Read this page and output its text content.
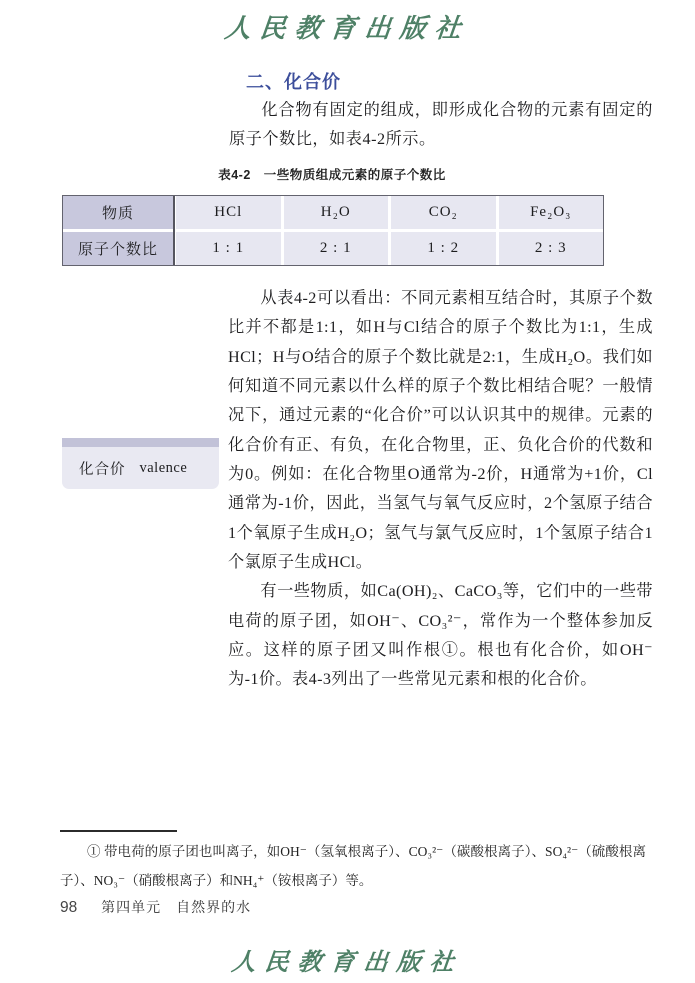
人民教育出版社
二、化合价

化合物有固定的组成，即形成化合物的元素有固定的原子个数比，如表4-2所示。

表4-2　一些物质组成元素的原子个数比
物质	HCl	H₂O	CO₂	Fe₂O₃
原子个数比	1 : 1	2 : 1	1 : 2	2 : 3
化合价 valence

从表4-2可以看出：不同元素相互结合时，其原子个数比并不都是1:1，如H与Cl结合的原子个数比为1:1，生成HCl；H与O结合的原子个数比就是2:1，生成H₂O。我们如何知道不同元素以什么样的原子个数比相结合呢？一般情况下，通过元素的“化合价”可以认识其中的规律。元素的化合价有正、有负，在化合物里，正、负化合价的代数和为0。例如：在化合物里O通常为-2价，H通常为+1价，Cl通常为-1价，因此，当氢气与氧气反应时，2个氢原子结合1个氧原子生成H₂O；氢气与氯气反应时，1个氢原子结合1个氯原子生成HCl。

有一些物质，如Ca(OH)₂、CaCO₃等，它们中的一些带电荷的原子团，如OH⁻、CO₃²⁻，常作为一个整体参加反应。这样的原子团又叫作根①。根也有化合价，如OH⁻为-1价。表4-3列出了一些常见元素和根的化合价。

① 带电荷的原子团也叫离子，如OH⁻（氢氧根离子）、CO₃²⁻（碳酸根离子）、SO₄²⁻（硫酸根离子）、NO₃⁻（硝酸根离子）和NH₄⁺（铵根离子）等。

98 第四单元　自然界的水
人民教育出版社
